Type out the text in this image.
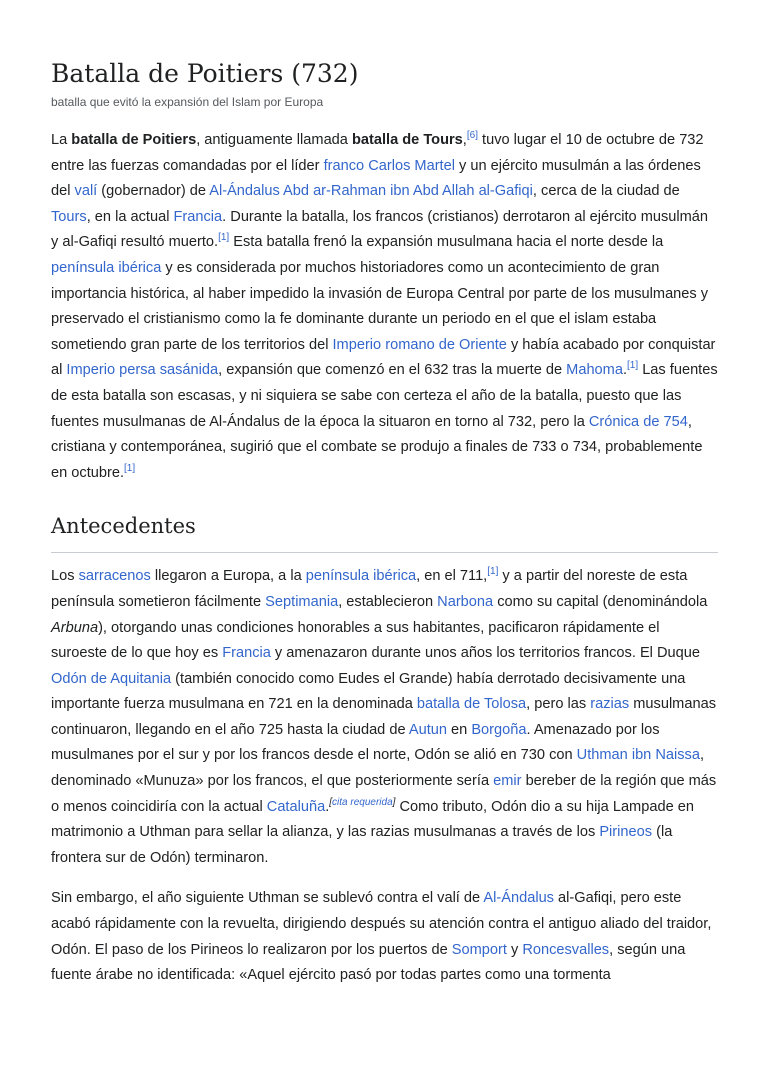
Batalla de Poitiers (732)
batalla que evitó la expansión del Islam por Europa

La batalla de Poitiers, antiguamente llamada batalla de Tours,[6] tuvo lugar el 10 de octubre de 732 entre las fuerzas comandadas por el líder franco Carlos Martel y un ejército musulmán a las órdenes del valí (gobernador) de Al-Ándalus Abd ar-Rahman ibn Abd Allah al-Gafiqi, cerca de la ciudad de Tours, en la actual Francia. Durante la batalla, los francos (cristianos) derrotaron al ejército musulmán y al-Gafiqi resultó muerto.[1] Esta batalla frenó la expansión musulmana hacia el norte desde la península ibérica y es considerada por muchos historiadores como un acontecimiento de gran importancia histórica, al haber impedido la invasión de Europa Central por parte de los musulmanes y preservado el cristianismo como la fe dominante durante un periodo en el que el islam estaba sometiendo gran parte de los territorios del Imperio romano de Oriente y había acabado por conquistar al Imperio persa sasánida, expansión que comenzó en el 632 tras la muerte de Mahoma.[1] Las fuentes de esta batalla son escasas, y ni siquiera se sabe con certeza el año de la batalla, puesto que las fuentes musulmanas de Al-Ándalus de la época la situaron en torno al 732, pero la Crónica de 754, cristiana y contemporánea, sugirió que el combate se produjo a finales de 733 o 734, probablemente en octubre.[1]

Antecedentes

Los sarracenos llegaron a Europa, a la península ibérica, en el 711,[1] y a partir del noreste de esta península sometieron fácilmente Septimania, establecieron Narbona como su capital (denominándola Arbuna), otorgando unas condiciones honorables a sus habitantes, pacificaron rápidamente el suroeste de lo que hoy es Francia y amenazaron durante unos años los territorios francos. El Duque Odón de Aquitania (también conocido como Eudes el Grande) había derrotado decisivamente una importante fuerza musulmana en 721 en la denominada batalla de Tolosa, pero las razias musulmanas continuaron, llegando en el año 725 hasta la ciudad de Autun en Borgoña. Amenazado por los musulmanes por el sur y por los francos desde el norte, Odón se alió en 730 con Uthman ibn Naissa, denominado «Munuza» por los francos, el que posteriormente sería emir bereber de la región que más o menos coincidiría con la actual Cataluña.[cita requerida] Como tributo, Odón dio a su hija Lampade en matrimonio a Uthman para sellar la alianza, y las razias musulmanas a través de los Pirineos (la frontera sur de Odón) terminaron.

Sin embargo, el año siguiente Uthman se sublevó contra el valí de Al-Ándalus al-Gafiqi, pero este acabó rápidamente con la revuelta, dirigiendo después su atención contra el antiguo aliado del traidor, Odón. El paso de los Pirineos lo realizaron por los puertos de Somport y Roncesvalles, según una fuente árabe no identificada: «Aquel ejército pasó por todas partes como una tormenta
